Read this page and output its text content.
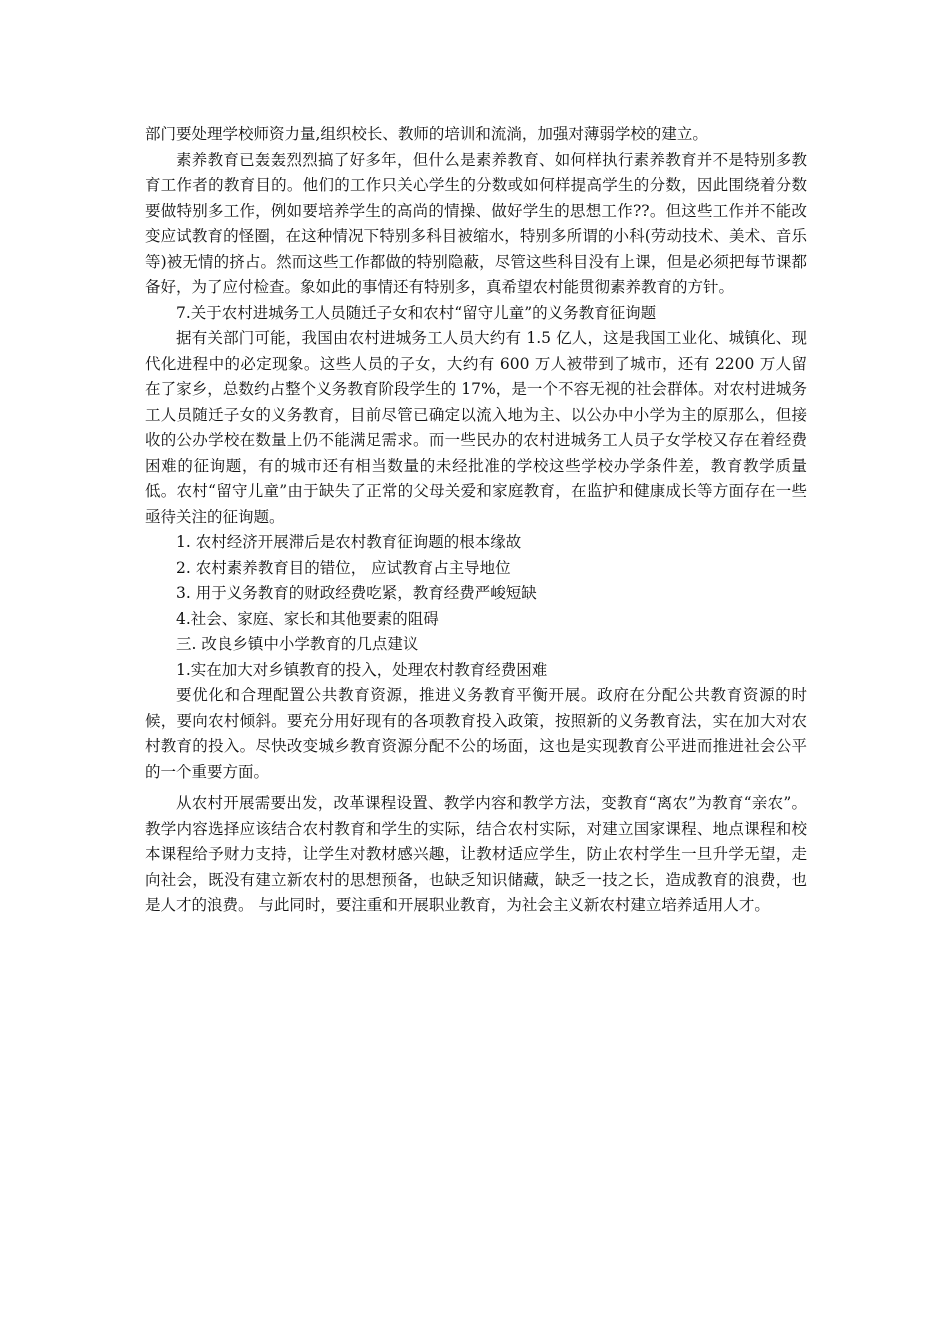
部门要处理学校师资力量,组织校长、教师的培训和流淌，加强对薄弱学校的建立。

素养教育已轰轰烈烈搞了好多年，但什么是素养教育、如何样执行素养教育并不是特别多教育工作者的教育目的。他们的工作只关心学生的分数或如何样提高学生的分数，因此围绕着分数要做特别多工作，例如要培养学生的高尚的情操、做好学生的思想工作??。但这些工作并不能改变应试教育的怪圈，在这种情况下特别多科目被缩水，特别多所谓的小科(劳动技术、美术、音乐等)被无情的挤占。然而这些工作都做的特别隐蔽，尽管这些科目没有上课，但是必须把每节课都备好，为了应付检查。象如此的事情还有特别多，真希望农村能贯彻素养教育的方针。

7.关于农村进城务工人员随迁子女和农村“留守儿童”的义务教育征询题

据有关部门可能，我国由农村进城务工人员大约有 1.5 亿人，这是我国工业化、城镇化、现代化进程中的必定现象。这些人员的子女，大约有 600 万人被带到了城市，还有 2200 万人留在了家乡，总数约占整个义务教育阶段学生的 17%，是一个不容无视的社会群体。对农村进城务工人员随迁子女的义务教育，目前尽管已确定以流入地为主、以公办中小学为主的原那么，但接收的公办学校在数量上仍不能满足需求。而一些民办的农村进城务工人员子女学校又存在着经费困难的征询题，有的城市还有相当数量的未经批准的学校这些学校办学条件差，教育教学质量低。农村“留守儿童”由于缺失了正常的父母关爱和家庭教育，在监护和健康成长等方面存在一些亟待关注的征询题。

1. 农村经济开展滞后是农村教育征询题的根本缘故

2. 农村素养教育目的错位， 应试教育占主导地位

3. 用于义务教育的财政经费吃紧，教育经费严峻短缺

4.社会、家庭、家长和其他要素的阻碍

三. 改良乡镇中小学教育的几点建议

1.实在加大对乡镇教育的投入，处理农村教育经费困难

要优化和合理配置公共教育资源，推进义务教育平衡开展。政府在分配公共教育资源的时候，要向农村倾斜。要充分用好现有的各项教育投入政策，按照新的义务教育法，实在加大对农村教育的投入。尽快改变城乡教育资源分配不公的场面，这也是实现教育公平进而推进社会公平的一个重要方面。

从农村开展需要出发，改革课程设置、教学内容和教学方法，变教育“离农”为教育“亲农”。教学内容选择应该结合农村教育和学生的实际，结合农村实际，对建立国家课程、地点课程和校本课程给予财力支持，让学生对教材感兴趣，让教材适应学生，防止农村学生一旦升学无望，走向社会，既没有建立新农村的思想预备，也缺乏知识储藏，缺乏一技之长，造成教育的浪费，也是人才的浪费。 与此同时，要注重和开展职业教育，为社会主义新农村建立培养适用人才。
